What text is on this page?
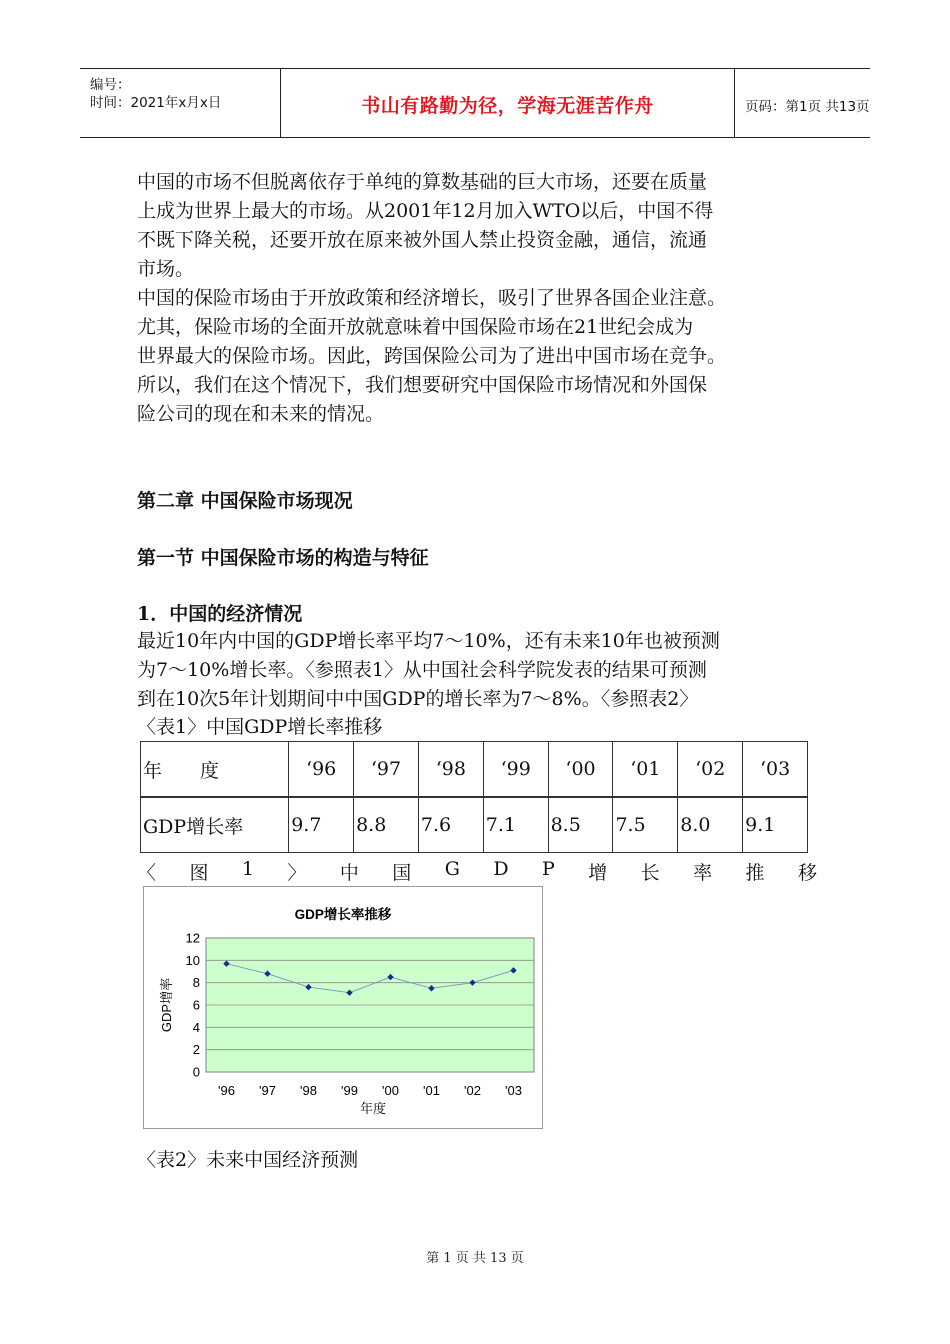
编号：
时间：2021年x月x日	书山有路勤为径，学海无涯苦作舟	页码：第1页 共13页
中国的市场不但脱离依存于单纯的算数基础的巨大市场，还要在质量
上成为世界上最大的市场。从2001年12月加入WTO以后，中国不得
不既下降关税，还要开放在原来被外国人禁止投资金融，通信，流通
市场。
中国的保险市场由于开放政策和经济增长，吸引了世界各国企业注意。
尤其，保险市场的全面开放就意味着中国保险市场在21世纪会成为
世界最大的保险市场。因此，跨国保险公司为了进出中国市场在竞争。
所以，我们在这个情况下，我们想要研究中国保险市场情况和外国保
险公司的现在和未来的情况。
第二章 中国保险市场现况
第一节 中国保险市场的构造与特征
1．中国的经济情况
最近10年内中国的GDP增长率平均7～10%，还有未来10年也被预测
为7～10%增长率。〈参照表1〉从中国社会科学院发表的结果可预测
到在10次5年计划期间中中国GDP的增长率为7～8%。〈参照表2〉
〈表1〉中国GDP增长率推移
年　　度	‘96	‘97	‘98	‘99	‘00	‘01	‘02	‘03
GDP增长率	9.7	8.8	7.6	7.1	8.5	7.5	8.0	9.1
〈 图 1 〉 中 国 G D P 增 长 率 推 移
GDP增长率推移
0
2
4
6
8
10
12
'96 '97 '98 '99 '00 '01 '02 '03
年度
GDP增率
〈表2〉未来中国经济预测
第 1 页 共 13 页
